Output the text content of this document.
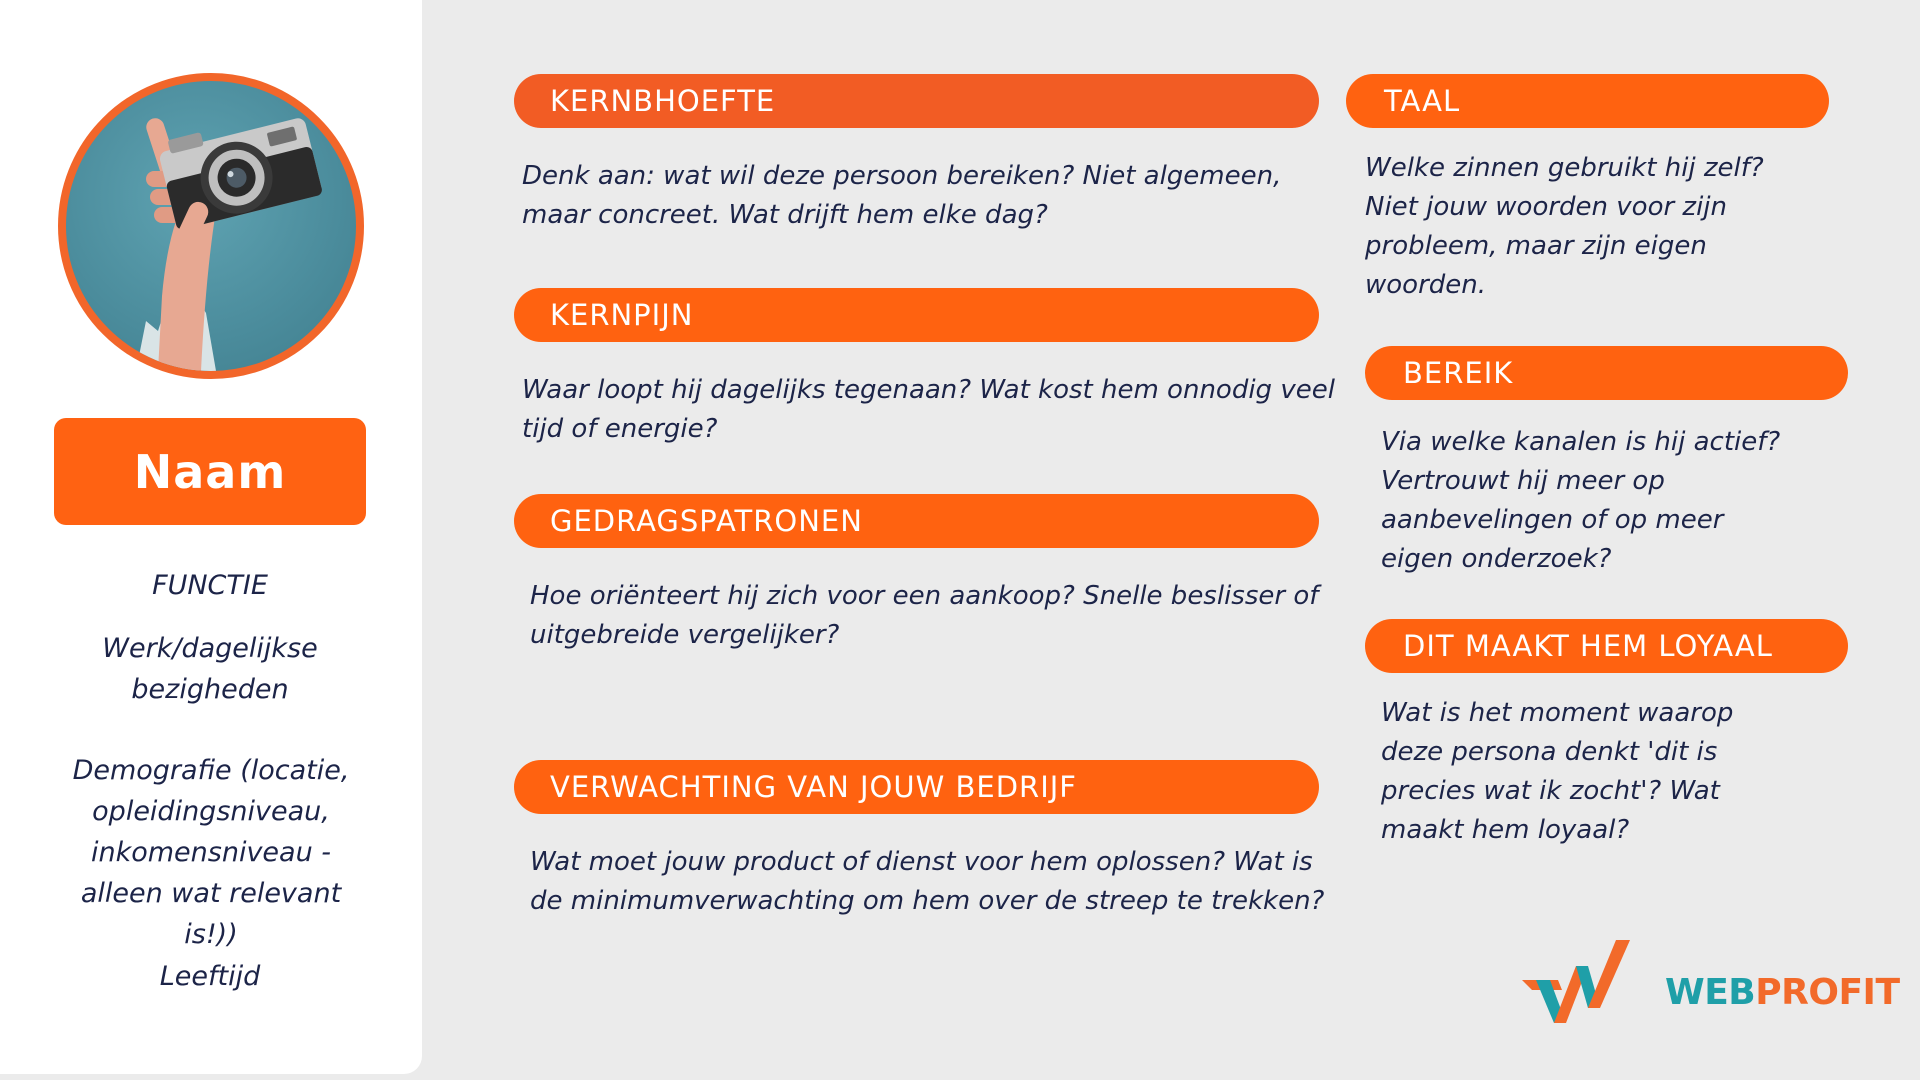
Naam
FUNCTIE
Werk/dagelijkse bezigheden
Demografie (locatie, opleidingsniveau, inkomensniveau - alleen wat relevant is!))
Leeftijd
KERNBHOEFTE
Denk aan: wat wil deze persoon bereiken? Niet algemeen, maar concreet. Wat drijft hem elke dag?
KERNPIJN
Waar loopt hij dagelijks tegenaan? Wat kost hem onnodig veel tijd of energie?
GEDRAGSPATRONEN
Hoe oriënteert hij zich voor een aankoop? Snelle beslisser of uitgebreide vergelijker?
VERWACHTING VAN JOUW BEDRIJF
Wat moet jouw product of dienst voor hem oplossen? Wat is de minimumverwachting om hem over de streep te trekken?
TAAL
Welke zinnen gebruikt hij zelf? Niet jouw woorden voor zijn probleem, maar zijn eigen woorden.
BEREIK
Via welke kanalen is hij actief? Vertrouwt hij meer op aanbevelingen of op meer eigen onderzoek?
DIT MAAKT HEM LOYAAL
Wat is het moment waarop deze persona denkt 'dit is precies wat ik zocht'? Wat maakt hem loyaal?
WEBPROFIT
